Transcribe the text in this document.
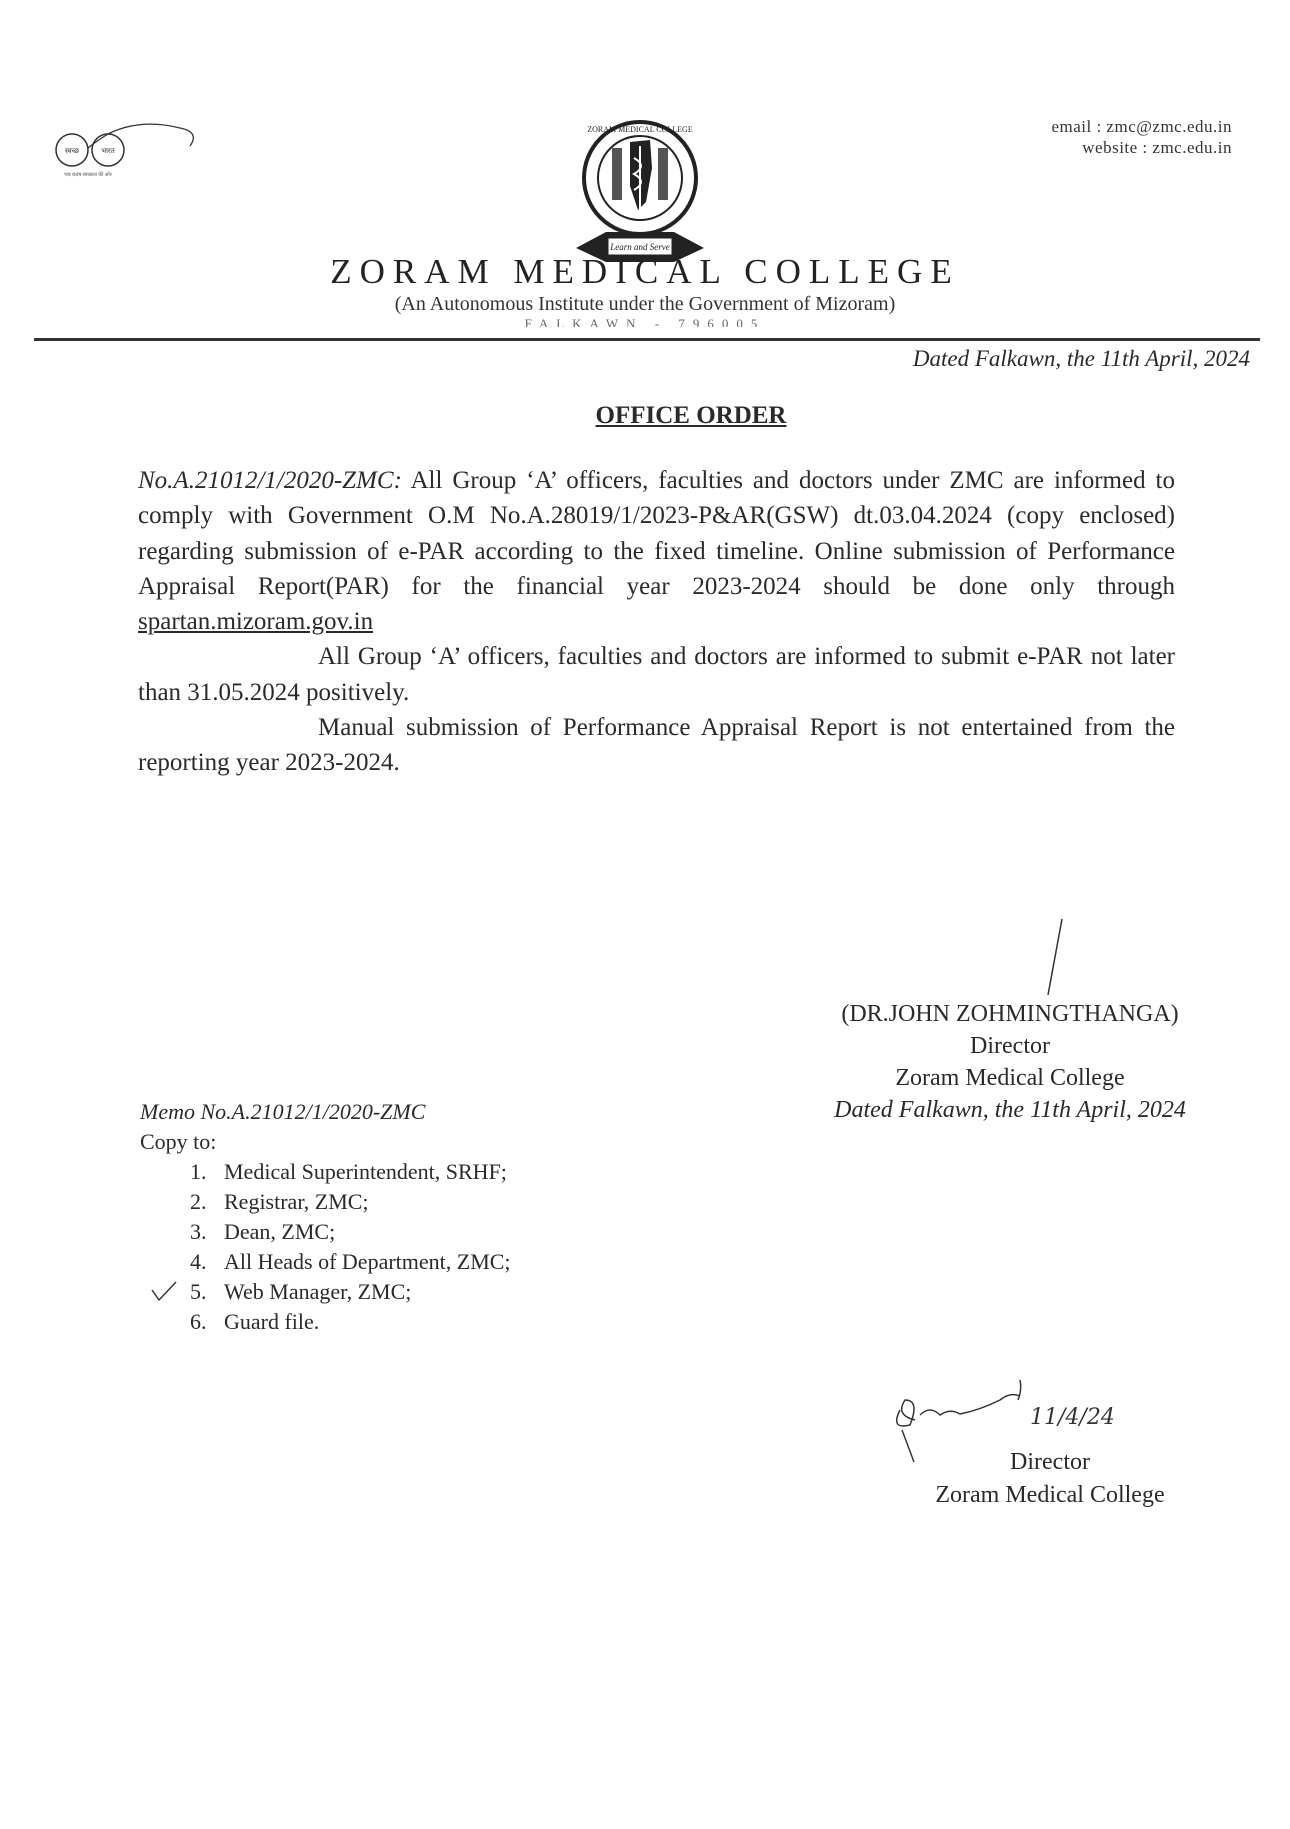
स्वच्छ	भारत
एक कदम स्वच्छता की ओर
email : zmc@zmc.edu.in
website : zmc.edu.in
ZORAM MEDICAL COLLEGE
Learn and Serve
ZORAM MEDICAL COLLEGE
(An Autonomous Institute under the Government of Mizoram)
FALKAWN - 796005
Dated Falkawn, the 11th April, 2024
OFFICE ORDER

No.A.21012/1/2020-ZMC: All Group ‘A’ officers, faculties and doctors under ZMC are informed to comply with Government O.M No.A.28019/1/2023-P&AR(GSW) dt.03.04.2024 (copy enclosed) regarding submission of e-PAR according to the fixed timeline. Online submission of Performance Appraisal Report(PAR) for the financial year 2023-2024 should be done only through spartan.mizoram.gov.in

All Group ‘A’ officers, faculties and doctors are informed to submit e-PAR not later than 31.05.2024 positively.

Manual submission of Performance Appraisal Report is not entertained from the reporting year 2023-2024.

(DR.JOHN ZOHMINGTHANGA)
Director
Zoram Medical College
Dated Falkawn, the 11th April, 2024
Memo No.A.21012/1/2020-ZMC
Copy to:
1. Medical Superintendent, SRHF;
2. Registrar, ZMC;
3. Dean, ZMC;
4. All Heads of Department, ZMC;
5. Web Manager, ZMC;
6. Guard file.
11/4/24
Director
Zoram Medical College
